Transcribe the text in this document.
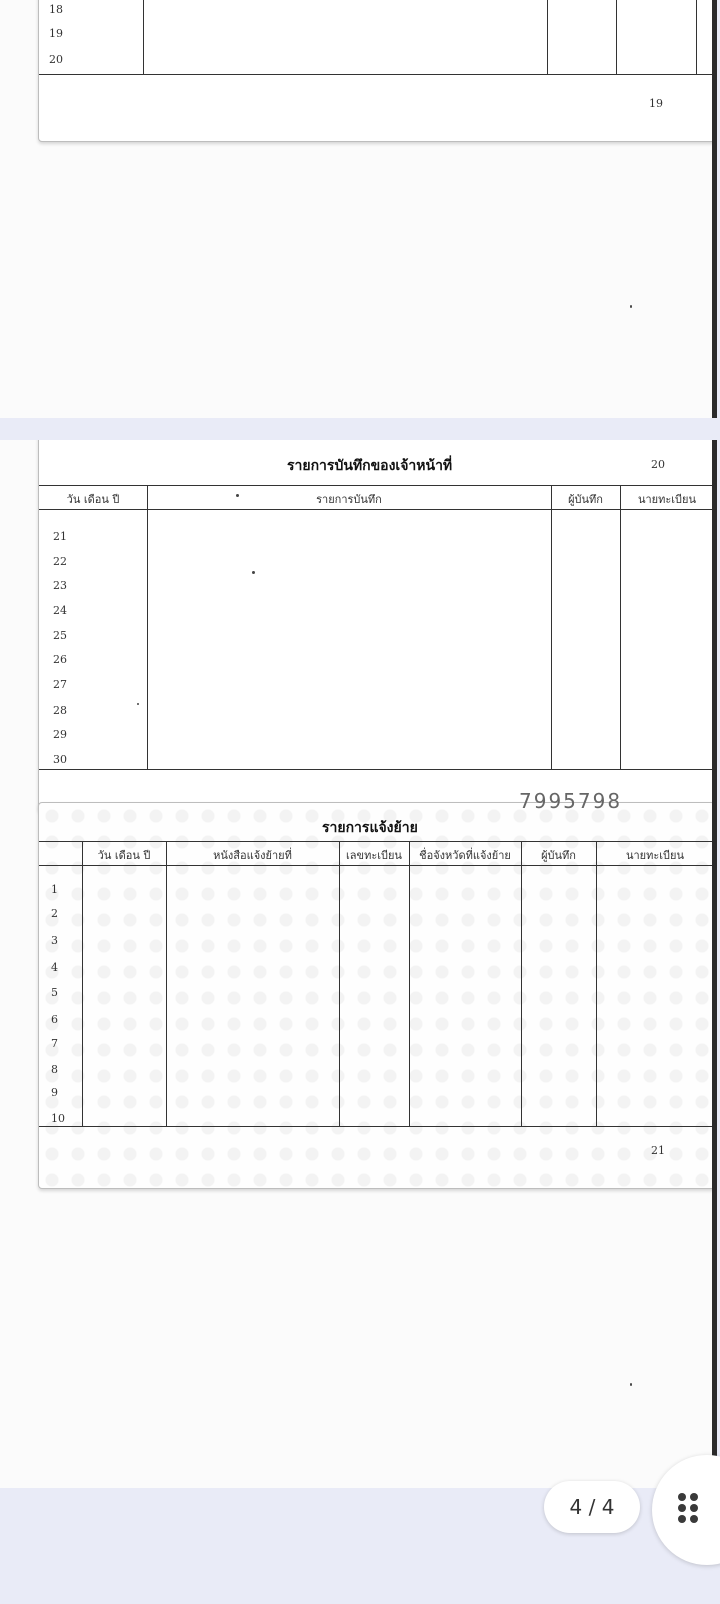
18
19
20
19
รายการบันทึกของเจ้าหน้าที่	20
วัน เดือน ปี	รายการบันทึก	ผู้บันทึก	นายทะเบียน
21
22
23
24
25
26
27
28
29
30
7995798
รายการแจ้งย้าย
วัน เดือน ปี	หนังสือแจ้งย้ายที่	เลขทะเบียน	ชื่อจังหวัดที่แจ้งย้าย	ผู้บันทึก	นายทะเบียน
1
2
3
4
5
6
7
8
9
10
21
4 / 4
